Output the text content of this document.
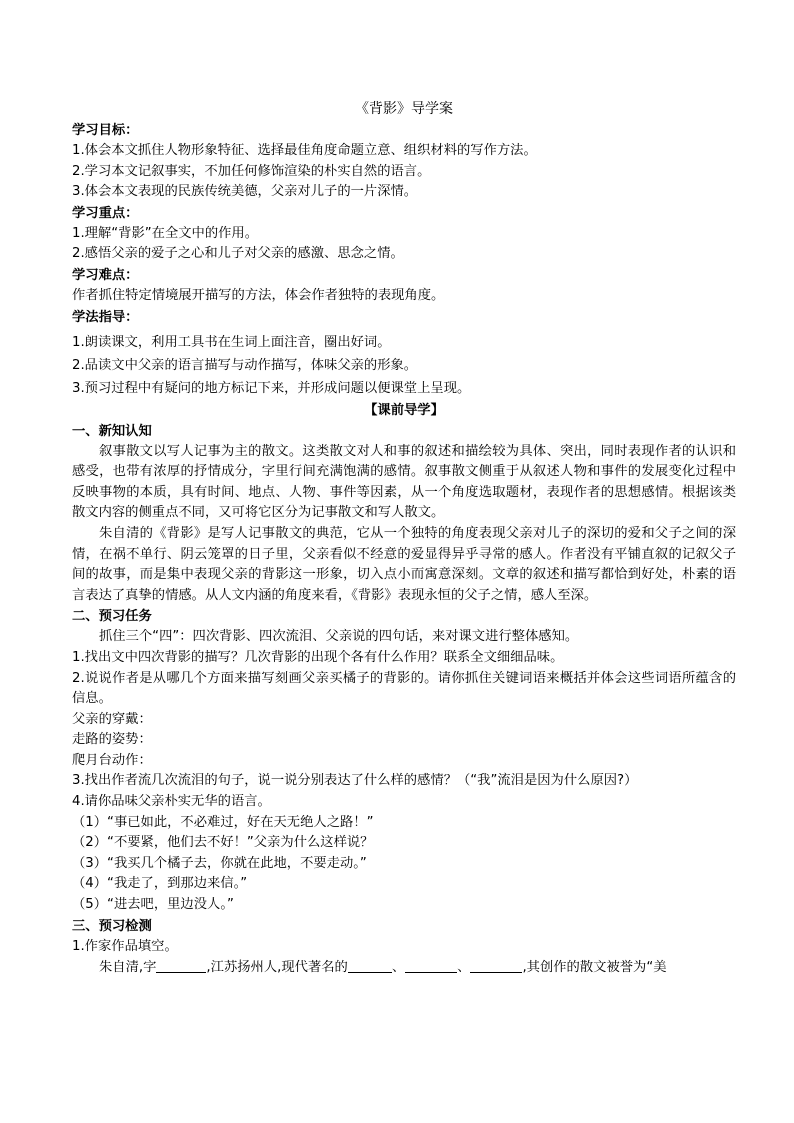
《背影》导学案
学习目标：
1.体会本文抓住人物形象特征、选择最佳角度命题立意、组织材料的写作方法。
2.学习本文记叙事实，不加任何修饰渲染的朴实自然的语言。
3.体会本文表现的民族传统美德，父亲对儿子的一片深情。
学习重点：
1.理解“背影”在全文中的作用。
2.感悟父亲的爱子之心和儿子对父亲的感激、思念之情。
学习难点：
作者抓住特定情境展开描写的方法，体会作者独特的表现角度。
学法指导：
1.朗读课文，利用工具书在生词上面注音，圈出好词。
2.品读文中父亲的语言描写与动作描写，体味父亲的形象。
3.预习过程中有疑问的地方标记下来，并形成问题以便课堂上呈现。
【课前导学】
一、新知认知
叙事散文以写人记事为主的散文。这类散文对人和事的叙述和描绘较为具体、突出，同时表现作者的认识和感受，也带有浓厚的抒情成分，字里行间充满饱满的感情。叙事散文侧重于从叙述人物和事件的发展变化过程中反映事物的本质，具有时间、地点、人物、事件等因素，从一个角度选取题材，表现作者的思想感情。根据该类散文内容的侧重点不同，又可将它区分为记事散文和写人散文。
朱自清的《背影》是写人记事散文的典范，它从一个独特的角度表现父亲对儿子的深切的爱和父子之间的深情，在祸不单行、阴云笼罩的日子里，父亲看似不经意的爱显得异乎寻常的感人。作者没有平铺直叙的记叙父子间的故事，而是集中表现父亲的背影这一形象，切入点小而寓意深刻。文章的叙述和描写都恰到好处，朴素的语言表达了真挚的情感。从人文内涵的角度来看，《背影》表现永恒的父子之情，感人至深。
二、预习任务
抓住三个“四”：四次背影、四次流泪、父亲说的四句话，来对课文进行整体感知。
1.找出文中四次背影的描写？几次背影的出现个各有什么作用？联系全文细细品味。
2.说说作者是从哪几个方面来描写刻画父亲买橘子的背影的。请你抓住关键词语来概括并体会这些词语所蕴含的信息。
父亲的穿戴：
走路的姿势：
爬月台动作：
3.找出作者流几次流泪的句子，说一说分别表达了什么样的感情？（“我”流泪是因为什么原因?）
4.请你品味父亲朴实无华的语言。
（1）“事已如此，不必难过，好在天无绝人之路！”
（2）“不要紧，他们去不好！”父亲为什么这样说？
（3）“我买几个橘子去，你就在此地，不要走动。”
（4）“我走了，到那边来信。”
（5）“进去吧，里边没人。”
三、预习检测
1.作家作品填空。
朱自清,字	,江苏扬州人,现代著名的	、	、	,其创作的散文被誉为“美
